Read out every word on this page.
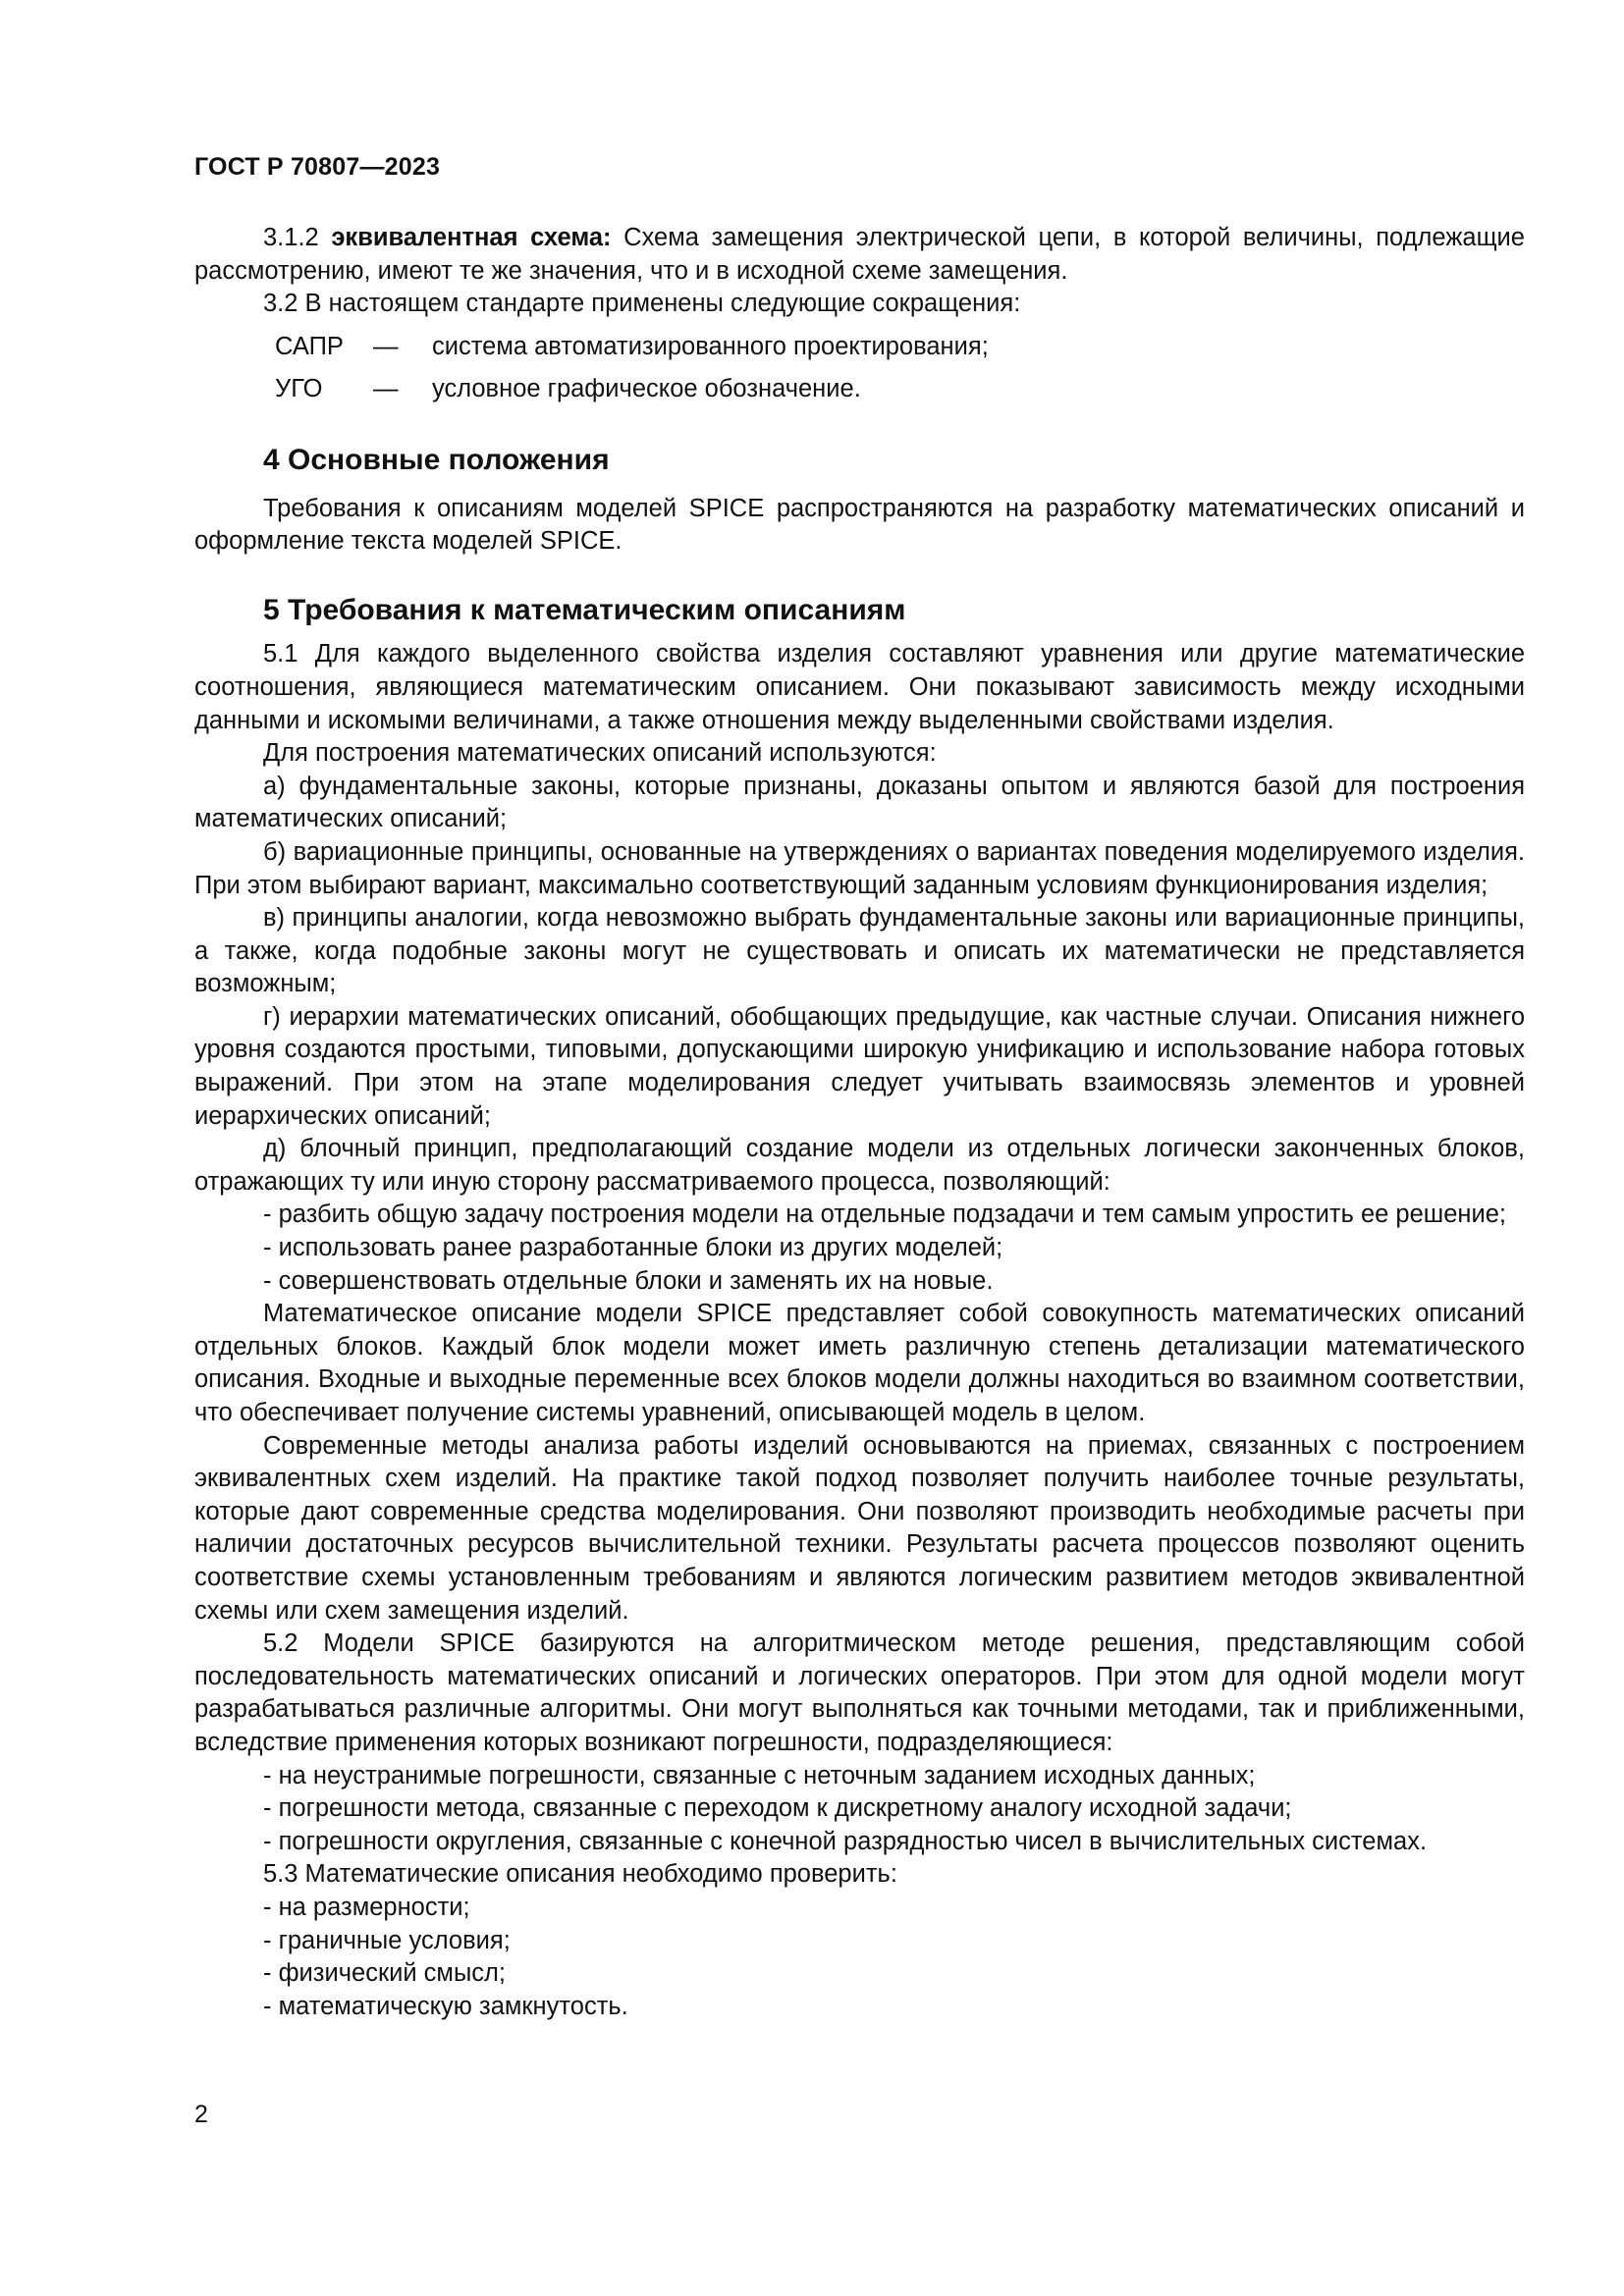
ГОСТ Р 70807—2023

3.1.2 эквивалентная схема: Схема замещения электрической цепи, в которой величины, подлежащие рассмотрению, имеют те же значения, что и в исходной схеме замещения.

3.2 В настоящем стандарте применены следующие сокращения:

САПР	—	система автоматизированного проектирования;
УГО	—	условное графическое обозначение.
4 Основные положения

Требования к описаниям моделей SPICE распространяются на разработку математических описаний и оформление текста моделей SPICE.

5 Требования к математическим описаниям

5.1 Для каждого выделенного свойства изделия составляют уравнения или другие математические соотношения, являющиеся математическим описанием. Они показывают зависимость между исходными данными и искомыми величинами, а также отношения между выделенными свойствами изделия.

Для построения математических описаний используются:

а) фундаментальные законы, которые признаны, доказаны опытом и являются базой для построения математических описаний;

б) вариационные принципы, основанные на утверждениях о вариантах поведения моделируемого изделия. При этом выбирают вариант, максимально соответствующий заданным условиям функционирования изделия;

в) принципы аналогии, когда невозможно выбрать фундаментальные законы или вариационные принципы, а также, когда подобные законы могут не существовать и описать их математически не представляется возможным;

г) иерархии математических описаний, обобщающих предыдущие, как частные случаи. Описания нижнего уровня создаются простыми, типовыми, допускающими широкую унификацию и использование набора готовых выражений. При этом на этапе моделирования следует учитывать взаимосвязь элементов и уровней иерархических описаний;

д) блочный принцип, предполагающий создание модели из отдельных логически законченных блоков, отражающих ту или иную сторону рассматриваемого процесса, позволяющий:

- разбить общую задачу построения модели на отдельные подзадачи и тем самым упростить ее решение;

- использовать ранее разработанные блоки из других моделей;

- совершенствовать отдельные блоки и заменять их на новые.

Математическое описание модели SPICE представляет собой совокупность математических описаний отдельных блоков. Каждый блок модели может иметь различную степень детализации математического описания. Входные и выходные переменные всех блоков модели должны находиться во взаимном соответствии, что обеспечивает получение системы уравнений, описывающей модель в целом.

Современные методы анализа работы изделий основываются на приемах, связанных с построением эквивалентных схем изделий. На практике такой подход позволяет получить наиболее точные результаты, которые дают современные средства моделирования. Они позволяют производить необходимые расчеты при наличии достаточных ресурсов вычислительной техники. Результаты расчета процессов позволяют оценить соответствие схемы установленным требованиям и являются логическим развитием методов эквивалентной схемы или схем замещения изделий.

5.2 Модели SPICE базируются на алгоритмическом методе решения, представляющим собой последовательность математических описаний и логических операторов. При этом для одной модели могут разрабатываться различные алгоритмы. Они могут выполняться как точными методами, так и приближенными, вследствие применения которых возникают погрешности, подразделяющиеся:

- на неустранимые погрешности, связанные с неточным заданием исходных данных;

- погрешности метода, связанные с переходом к дискретному аналогу исходной задачи;

- погрешности округления, связанные с конечной разрядностью чисел в вычислительных системах.

5.3 Математические описания необходимо проверить:

- на размерности;

- граничные условия;

- физический смысл;

- математическую замкнутость.

2
